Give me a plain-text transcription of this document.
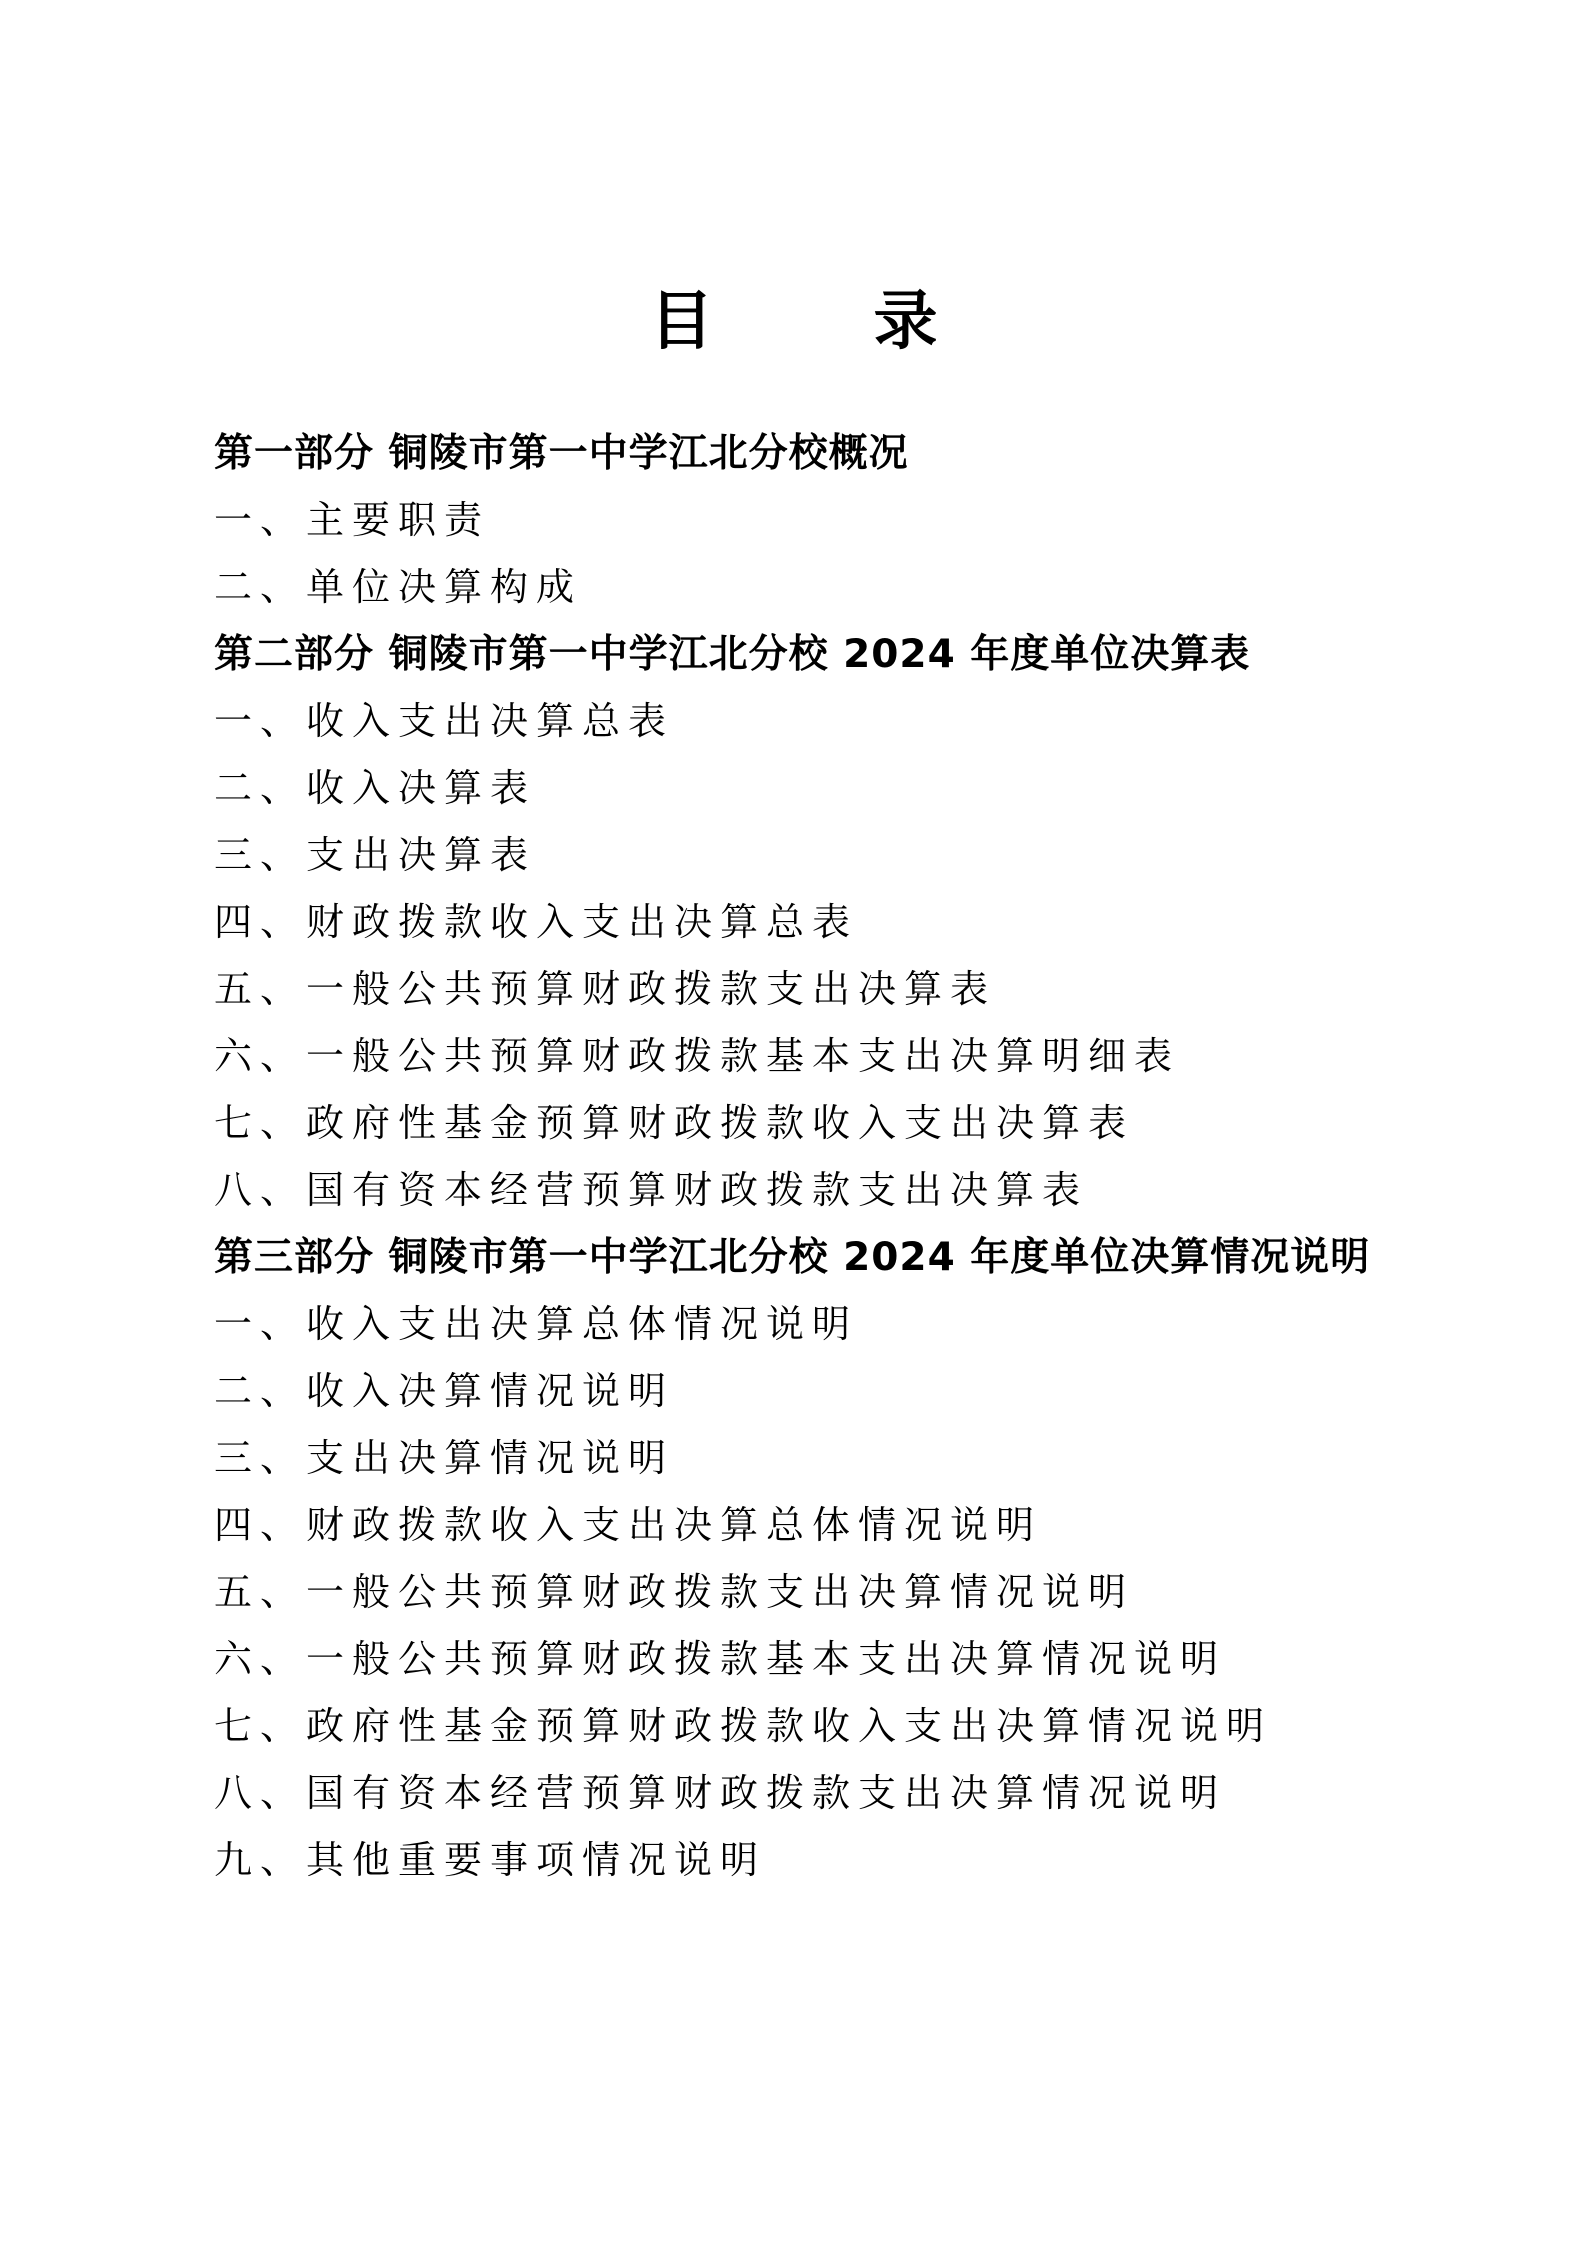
目　录
第一部分 铜陵市第一中学江北分校概况
一、主要职责
二、单位决算构成
第二部分 铜陵市第一中学江北分校 2024 年度单位决算表
一、收入支出决算总表
二、收入决算表
三、支出决算表
四、财政拨款收入支出决算总表
五、一般公共预算财政拨款支出决算表
六、一般公共预算财政拨款基本支出决算明细表
七、政府性基金预算财政拨款收入支出决算表
八、国有资本经营预算财政拨款支出决算表
第三部分 铜陵市第一中学江北分校 2024 年度单位决算情况说明
一、收入支出决算总体情况说明
二、收入决算情况说明
三、支出决算情况说明
四、财政拨款收入支出决算总体情况说明
五、一般公共预算财政拨款支出决算情况说明
六、一般公共预算财政拨款基本支出决算情况说明
七、政府性基金预算财政拨款收入支出决算情况说明
八、国有资本经营预算财政拨款支出决算情况说明
九、其他重要事项情况说明
